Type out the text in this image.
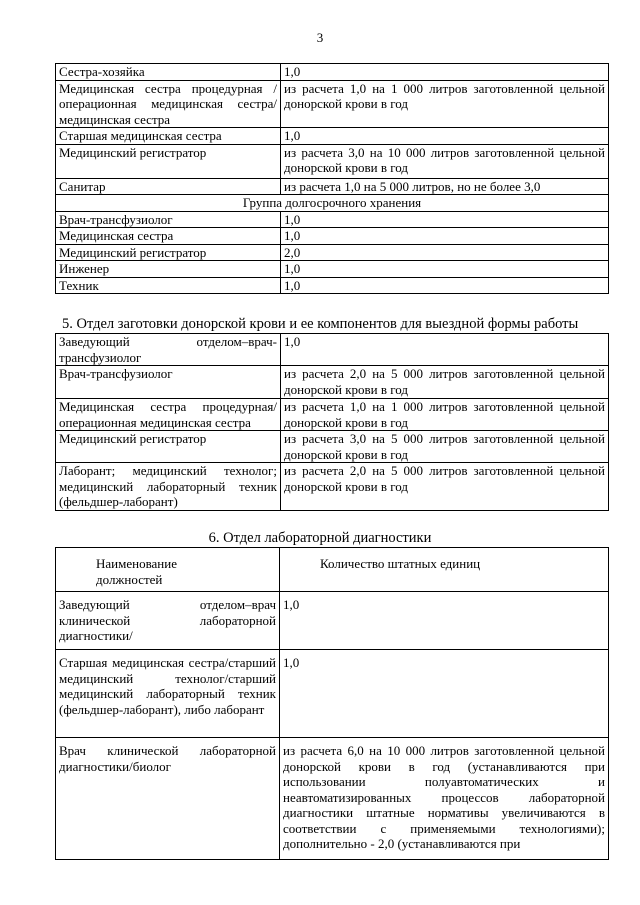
3
Сестра-хозяйка	1,0
Медицинская сестра процедурная /операционная медицинская сестра/ медицинская сестра	из расчета 1,0 на 1 000 литров заготовленной цельной донорской крови в год
Старшая медицинская сестра	1,0
Медицинский регистратор	из расчета 3,0 на 10 000 литров заготовленной цельной донорской крови в год
Санитар	из расчета 1,0 на 5 000 литров, но не более 3,0
Группа долгосрочного хранения	
Врач-трансфузиолог	1,0
Медицинская сестра	1,0
Медицинский регистратор	2,0
Инженер	1,0
Техник	1,0
5. Отдел заготовки донорской крови и ее компонентов для выездной формы работы
Заведующий отделом–врач-трансфузиолог	1,0
Врач-трансфузиолог	из расчета 2,0 на 5 000 литров заготовленной цельной донорской крови в год
Медицинская сестра процедурная/ операционная медицинская сестра	из расчета 1,0 на 1 000 литров заготовленной цельной донорской крови в год
Медицинский регистратор	из расчета 3,0 на 5 000 литров заготовленной цельной донорской крови в год
Лаборант; медицинский технолог; медицинский лабораторный техник (фельдшер-лаборант)	из расчета 2,0 на 5 000 литров заготовленной цельной донорской крови в год
6. Отдел лабораторной диагностики
Наименование должностей	Количество штатных единиц
Заведующий отделом–врач клинической лабораторной диагностики/	1,0
Старшая медицинская сестра/старший медицинский технолог/старший медицинский лабораторный техник (фельдшер-лаборант), либо лаборант	1,0
Врач клинической лабораторной диагностики/биолог	из расчета 6,0 на 10 000 литров заготовленной цельной донорской крови в год (устанавливаются при использовании полуавтоматических и неавтоматизированных процессов лабораторной диагностики штатные нормативы увеличиваются в соответствии с применяемыми технологиями); дополнительно - 2,0 (устанавливаются при
